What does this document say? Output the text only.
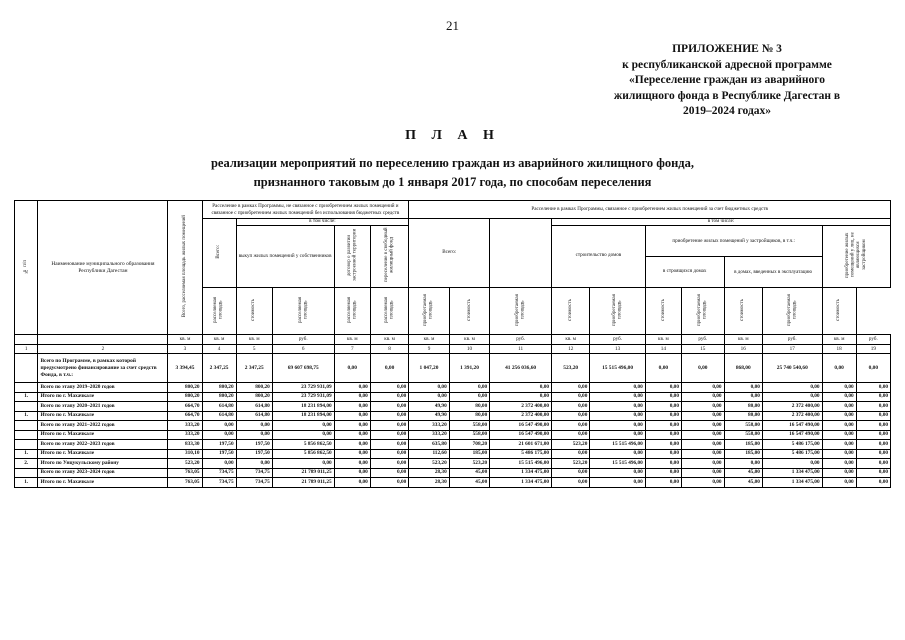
21
ПРИЛОЖЕНИЕ № 3
к республиканской адресной программе
«Переселение граждан из аварийного
жилищного фонда в Республике Дагестан в
2019–2024 годах»
П Л А Н
реализации мероприятий по переселению граждан из аварийного жилищного фонда,
признанного таковым до 1 января 2017 года, по способам переселения
№ п/п	Наименование муниципального образования Республики Дагестан	Всего, расселяемая площадь жилых помещений	Расселение в рамках Программы, не связанное с приобретением жилых помещений и связанное с приобретением жилых помещений без использования бюджетных средств					Расселение в рамках Программы, связанное с приобретением жилых помещений за счет бюджетных средств										
			Всего:	в том числе:				Всего:			в том числе:							
				выкуп жилых помещений у собственников		договор о развитии застроенной территории	переселение в свободный жилищный фонд				строительство домов		приобретение жилых помещений у застройщиков, в т.ч.:				приобретение жилых помещений у лиц, не являющихся застройщиком	
													в строящихся домах		в домах, введенных в эксплуатацию			
			расселяемая площадь	стоимость	расселяемая площадь	расселяемая площадь	расселяемая площадь	приобретаемая площадь	стоимость	приобретаемая площадь	стоимость	приобретаемая площадь	стоимость	приобретаемая площадь	стоимость	приобретаемая площадь	стоимость	
		кв. м	кв. м	кв. м	руб.	кв. м	кв. м	кв. м	кв. м	руб.	кв. м	руб.	кв. м	руб.	кв. м	руб.	кв. м	руб.
1	2	3	4	5	6	7	8	9	10	11	12	13	14	15	16	17	18	19
	Всего по Программе, в рамках которой предусмотрено финансирование за счет средств Фонда, в т.ч.:	3 394,45	2 347,25	2 347,25	69 607 698,75	0,00	0,00	1 047,20	1 391,20	41 256 036,60	523,20	15 515 496,00	0,00	0,00	868,00	25 740 540,60	0,00	0,00
	Всего по этапу 2019–2020 годов	800,20	800,20	800,20	23 729 931,09	0,00	0,00	0,00	0,00	0,00	0,00	0,00	0,00	0,00	0,00	0,00	0,00	0,00
1.	Итого по г. Махачкале	800,20	800,20	800,20	23 729 931,09	0,00	0,00	0,00	0,00	0,00	0,00	0,00	0,00	0,00	0,00	0,00	0,00	0,00
	Всего по этапу 2020–2021 годов	664,70	614,80	614,80	18 231 894,00	0,00	0,00	49,90	80,00	2 372 400,00	0,00	0,00	0,00	0,00	80,00	2 372 400,00	0,00	0,00
1.	Итого по г. Махачкале	664,70	614,80	614,80	18 231 894,00	0,00	0,00	49,90	80,00	2 372 400,00	0,00	0,00	0,00	0,00	80,00	2 372 400,00	0,00	0,00
	Всего по этапу 2021–2022 годов	333,20	0,00	0,00	0,00	0,00	0,00	333,20	558,00	16 547 490,00	0,00	0,00	0,00	0,00	558,00	16 547 490,00	0,00	0,00
	Итого по г. Махачкале	333,20	0,00	0,00	0,00	0,00	0,00	333,20	558,00	16 547 490,00	0,00	0,00	0,00	0,00	558,00	16 547 490,00	0,00	0,00
	Всего по этапу 2022–2023 годов	833,30	197,50	197,50	5 856 862,50	0,00	0,00	635,80	708,20	21 601 671,00	523,20	15 515 496,00	0,00	0,00	185,00	5 486 175,00	0,00	0,00
1.	Итого по г. Махачкале	310,10	197,50	197,50	5 856 862,50	0,00	0,00	112,60	185,00	5 486 175,00	0,00	0,00	0,00	0,00	185,00	5 486 175,00	0,00	0,00
2.	Итого по Унцукульскому району	523,20	0,00	0,00	0,00	0,00	0,00	523,20	523,20	15 515 496,00	523,20	15 515 496,00	0,00	0,00	0,00	0,00	0,00	0,00
	Всего по этапу 2023–2024 годов	763,05	734,75	734,75	21 789 011,25	0,00	0,00	28,30	45,00	1 334 475,00	0,00	0,00	0,00	0,00	45,00	1 334 475,00	0,00	0,00
1.	Итого по г. Махачкале	763,05	734,75	734,75	21 789 011,25	0,00	0,00	28,30	45,00	1 334 475,00	0,00	0,00	0,00	0,00	45,00	1 334 475,00	0,00	0,00
